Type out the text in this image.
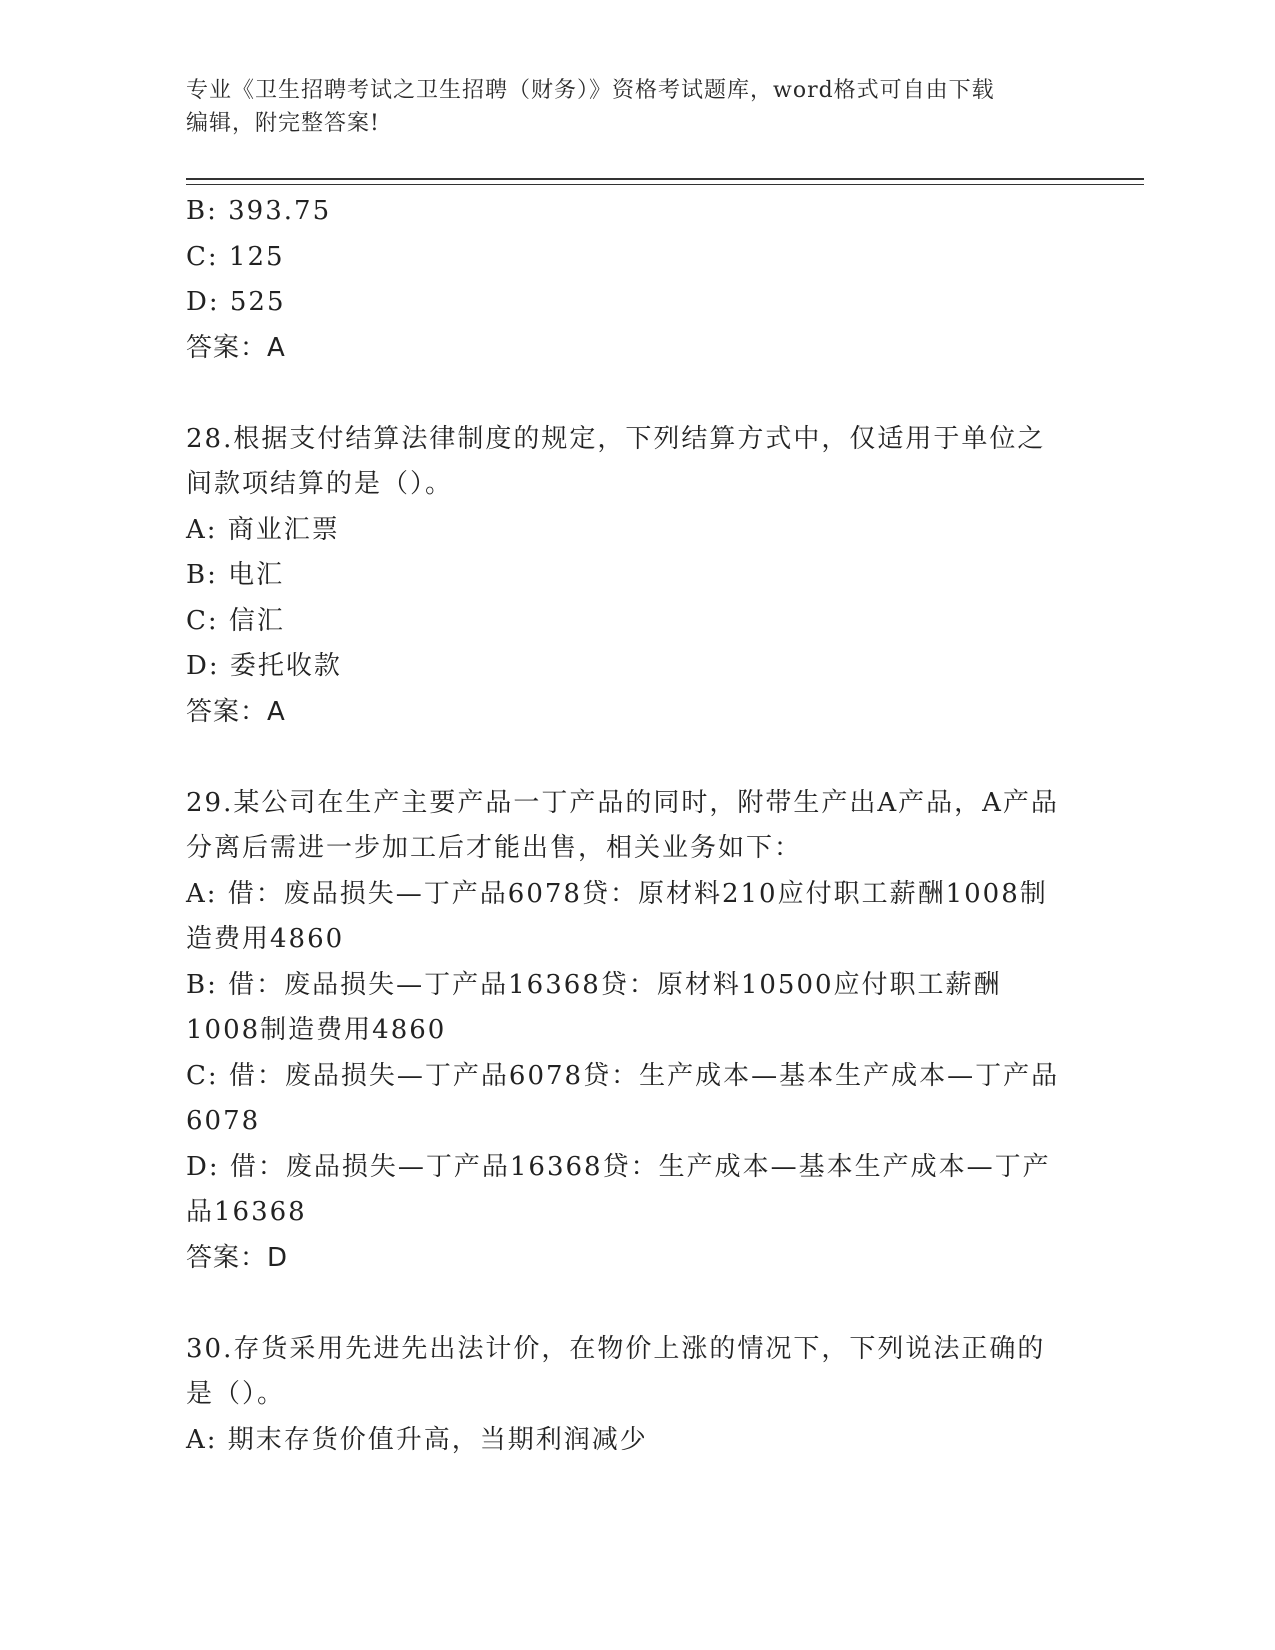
专业《卫生招聘考试之卫生招聘（财务）》资格考试题库，word格式可自由下载
编辑，附完整答案!
B: 393.75
C: 125
D: 525
答案：A
28.根据支付结算法律制度的规定，下列结算方式中，仅适用于单位之间款项结算的是（）。
A: 商业汇票
B: 电汇
C: 信汇
D: 委托收款
答案：A
29.某公司在生产主要产品一丁产品的同时，附带生产出A产品，A产品分离后需进一步加工后才能出售，相关业务如下：
A: 借：废品损失—丁产品6078贷：原材料210应付职工薪酬1008制造费用4860
B: 借：废品损失—丁产品16368贷：原材料10500应付职工薪酬1008制造费用4860
C: 借：废品损失—丁产品6078贷：生产成本—基本生产成本—丁产品6078
D: 借：废品损失—丁产品16368贷：生产成本—基本生产成本—丁产品16368
答案：D
30.存货采用先进先出法计价，在物价上涨的情况下，下列说法正确的是（）。
A: 期末存货价值升高，当期利润减少
